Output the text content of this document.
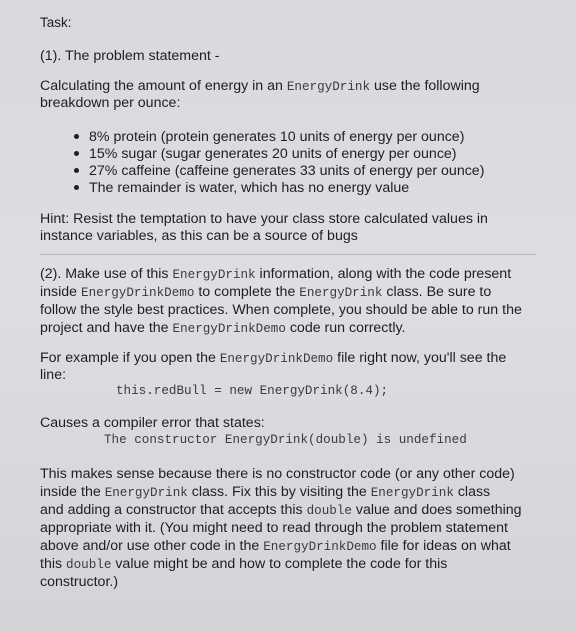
Task:
(1). The problem statement -
Calculating the amount of energy in an EnergyDrink use the following
breakdown per ounce:
8% protein (protein generates 10 units of energy per ounce)
15% sugar (sugar generates 20 units of energy per ounce)
27% caffeine (caffeine generates 33 units of energy per ounce)
The remainder is water, which has no energy value
Hint: Resist the temptation to have your class store calculated values in
instance variables, as this can be a source of bugs
(2). Make use of this EnergyDrink information, along with the code present
inside EnergyDrinkDemo to complete the EnergyDrink class. Be sure to
follow the style best practices. When complete, you should be able to run the
project and have the EnergyDrinkDemo code run correctly.
For example if you open the EnergyDrinkDemo file right now, you'll see the
line:
this.redBull = new EnergyDrink(8.4);
Causes a compiler error that states:
The constructor EnergyDrink(double) is undefined
This makes sense because there is no constructor code (or any other code)
inside the EnergyDrink class. Fix this by visiting the EnergyDrink class
and adding a constructor that accepts this double value and does something
appropriate with it. (You might need to read through the problem statement
above and/or use other code in the EnergyDrinkDemo file for ideas on what
this double value might be and how to complete the code for this
constructor.)
